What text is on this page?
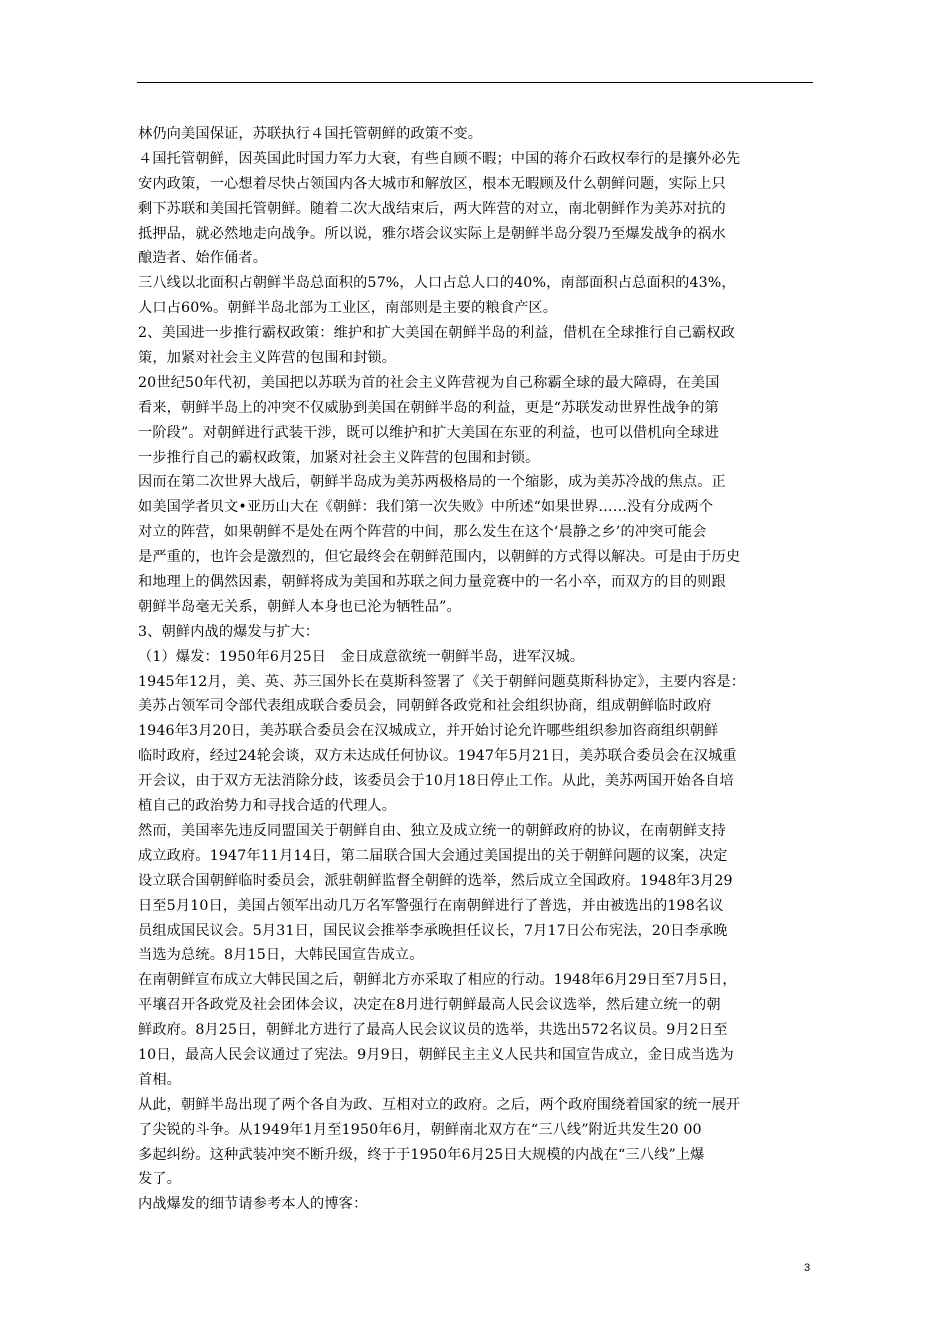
林仍向美国保证，苏联执行４国托管朝鲜的政策不变。

４国托管朝鲜，因英国此时国力军力大衰，有些自顾不暇；中国的蒋介石政权奉行的是攘外必先
安内政策，一心想着尽快占领国内各大城市和解放区，根本无暇顾及什么朝鲜问题，实际上只
剩下苏联和美国托管朝鲜。随着二次大战结束后，两大阵营的对立，南北朝鲜作为美苏对抗的
抵押品，就必然地走向战争。所以说，雅尔塔会议实际上是朝鲜半岛分裂乃至爆发战争的祸水
酿造者、始作俑者。

三八线以北面积占朝鲜半岛总面积的57%，人口占总人口的40%，南部面积占总面积的43%，
人口占60%。朝鲜半岛北部为工业区，南部则是主要的粮食产区。

2、美国进一步推行霸权政策：维护和扩大美国在朝鲜半岛的利益，借机在全球推行自己霸权政
策，加紧对社会主义阵营的包围和封锁。

20世纪50年代初，美国把以苏联为首的社会主义阵营视为自己称霸全球的最大障碍，在美国
看来，朝鲜半岛上的冲突不仅威胁到美国在朝鲜半岛的利益，更是“苏联发动世界性战争的第
一阶段”。对朝鲜进行武装干涉，既可以维护和扩大美国在东亚的利益，也可以借机向全球进
一步推行自己的霸权政策，加紧对社会主义阵营的包围和封锁。

因而在第二次世界大战后，朝鲜半岛成为美苏两极格局的一个缩影，成为美苏冷战的焦点。正
如美国学者贝文•亚历山大在《朝鲜：我们第一次失败》中所述“如果世界……没有分成两个
对立的阵营，如果朝鲜不是处在两个阵营的中间，那么发生在这个‘晨静之乡’的冲突可能会
是严重的，也许会是激烈的，但它最终会在朝鲜范围内，以朝鲜的方式得以解决。可是由于历史
和地理上的偶然因素，朝鲜将成为美国和苏联之间力量竞赛中的一名小卒，而双方的目的则跟
朝鲜半岛毫无关系，朝鲜人本身也已沦为牺牲品”。

3、朝鲜内战的爆发与扩大：

（1）爆发：1950年6月25日　金日成意欲统一朝鲜半岛，进军汉城。

1945年12月，美、英、苏三国外长在莫斯科签署了《关于朝鲜问题莫斯科协定》，主要内容是：
美苏占领军司令部代表组成联合委员会，同朝鲜各政党和社会组织协商，组成朝鲜临时政府
1946年3月20日，美苏联合委员会在汉城成立，并开始讨论允许哪些组织参加咨商组织朝鲜
临时政府，经过24轮会谈，双方未达成任何协议。1947年5月21日，美苏联合委员会在汉城重
开会议，由于双方无法消除分歧，该委员会于10月18日停止工作。从此，美苏两国开始各自培
植自己的政治势力和寻找合适的代理人。

然而，美国率先违反同盟国关于朝鲜自由、独立及成立统一的朝鲜政府的协议，在南朝鲜支持
成立政府。1947年11月14日，第二届联合国大会通过美国提出的关于朝鲜问题的议案，决定
设立联合国朝鲜临时委员会，派驻朝鲜监督全朝鲜的选举，然后成立全国政府。1948年3月29
日至5月10日，美国占领军出动几万名军警强行在南朝鲜进行了普选，并由被选出的198名议
员组成国民议会。5月31日，国民议会推举李承晚担任议长，7月17日公布宪法，20日李承晚
当选为总统。8月15日，大韩民国宣告成立。

在南朝鲜宣布成立大韩民国之后，朝鲜北方亦采取了相应的行动。1948年6月29日至7月5日，
平壤召开各政党及社会团体会议，决定在8月进行朝鲜最高人民会议选举，然后建立统一的朝
鲜政府。8月25日，朝鲜北方进行了最高人民会议议员的选举，共选出572名议员。9月2日至
10日，最高人民会议通过了宪法。9月9日，朝鲜民主主义人民共和国宣告成立，金日成当选为
首相。

从此，朝鲜半岛出现了两个各自为政、互相对立的政府。之后，两个政府围绕着国家的统一展开
了尖锐的斗争。从1949年1月至1950年6月，朝鲜南北双方在“三八线”附近共发生20 00
多起纠纷。这种武装冲突不断升级，终于于1950年6月25日大规模的内战在“三八线”上爆
发了。

内战爆发的细节请参考本人的博客：

3
